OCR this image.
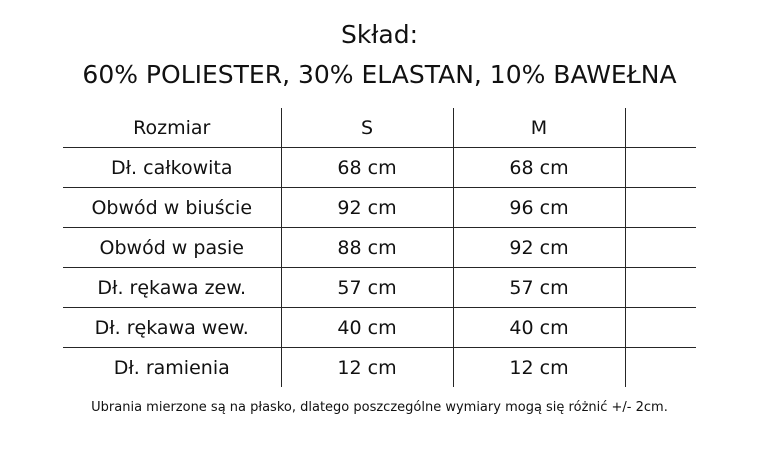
Skład:
60% POLIESTER, 30% ELASTAN, 10% BAWEŁNA
Rozmiar	S	M	
Dł. całkowita	68 cm	68 cm	
Obwód w biuście	92 cm	96 cm	
Obwód w pasie	88 cm	92 cm	
Dł. rękawa zew.	57 cm	57 cm	
Dł. rękawa wew.	40 cm	40 cm	
Dł. ramienia	12 cm	12 cm	
Ubrania mierzone są na płasko, dlatego poszczególne wymiary mogą się różnić +/- 2cm.
